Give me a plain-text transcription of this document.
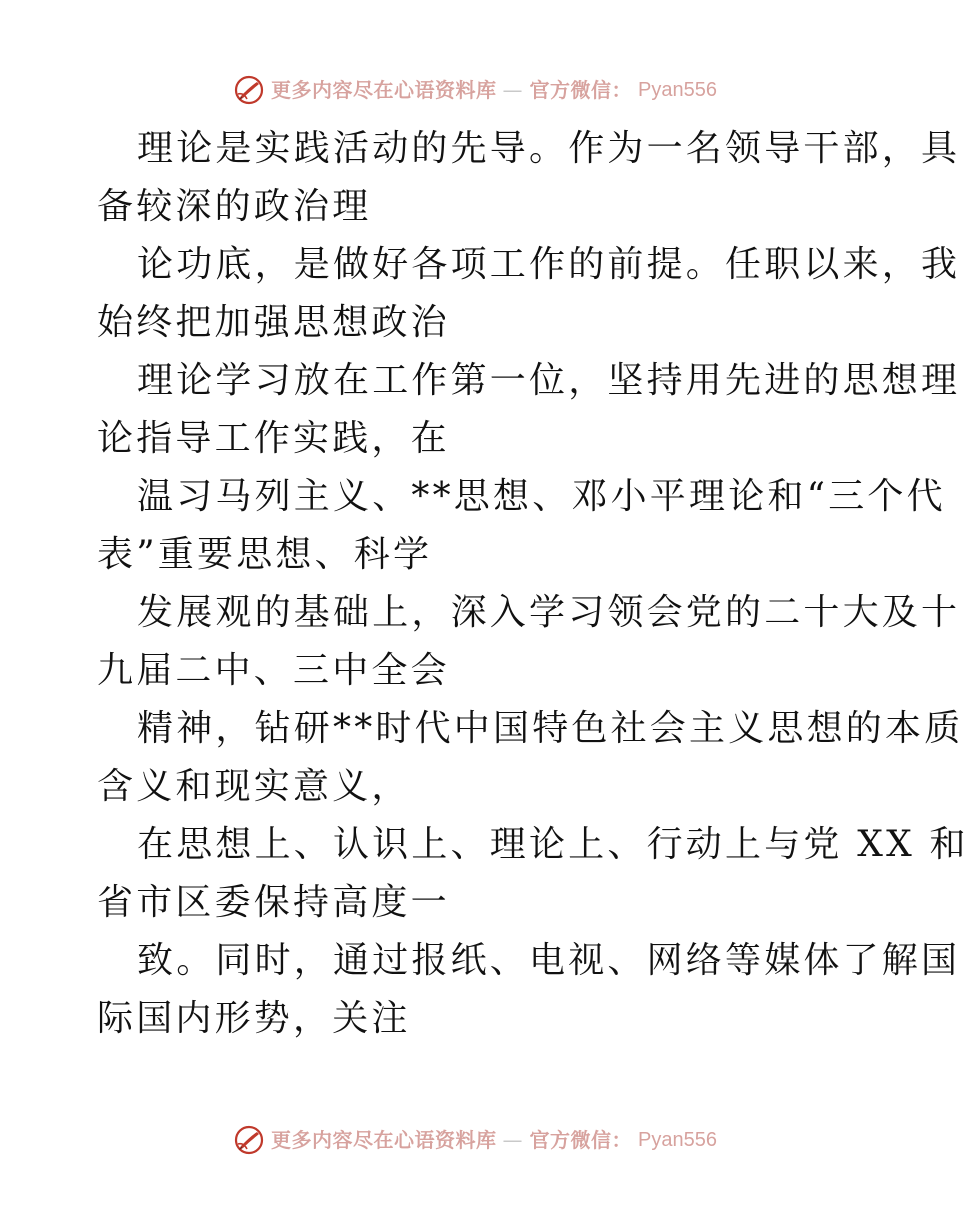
更多内容尽在心语资料库 — 官方微信： Pyan556
理论是实践活动的先导。作为一名领导干部，具
备较深的政治理
论功底，是做好各项工作的前提。任职以来，我
始终把加强思想政治
理论学习放在工作第一位，坚持用先进的思想理
论指导工作实践，在
温习马列主义、**思想、邓小平理论和“三个代
表”重要思想、科学
发展观的基础上，深入学习领会党的二十大及十
九届二中、三中全会
精神，钻研**时代中国特色社会主义思想的本质
含义和现实意义，
在思想上、认识上、理论上、行动上与党 XX 和
省市区委保持高度一
致。同时，通过报纸、电视、网络等媒体了解国
际国内形势，关注
更多内容尽在心语资料库 — 官方微信： Pyan556
